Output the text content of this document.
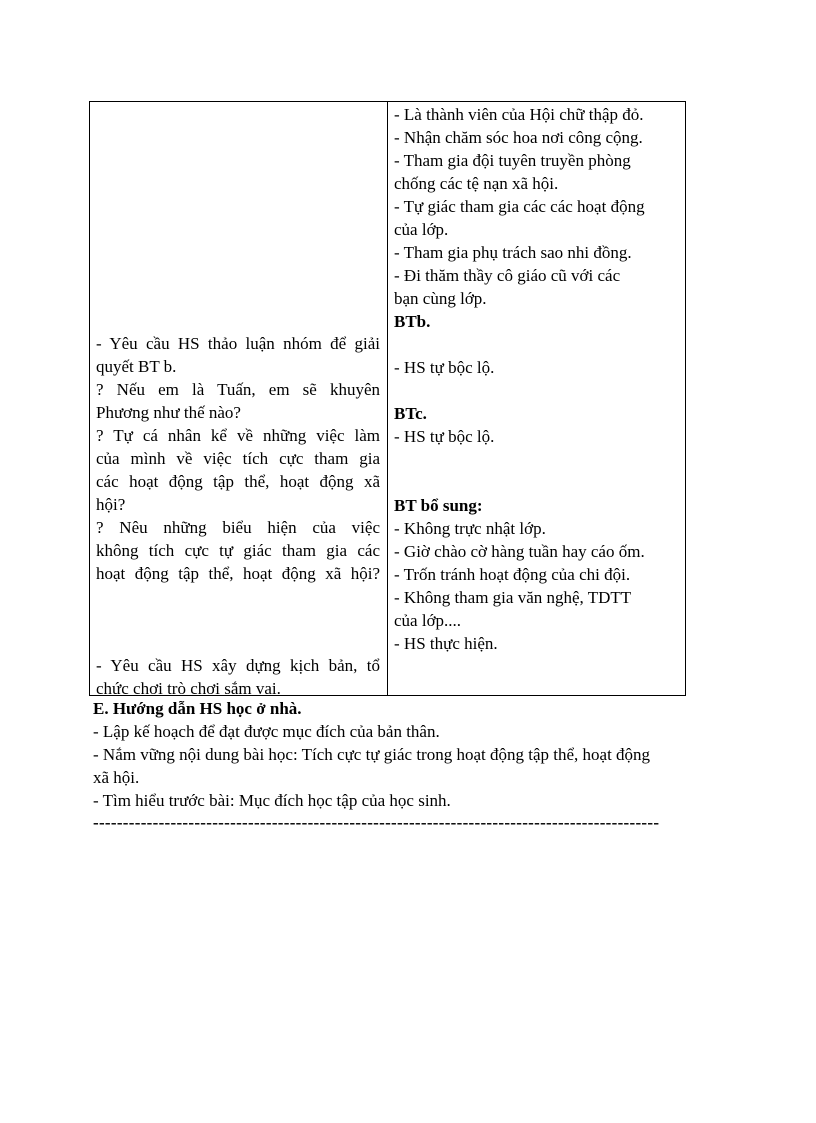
- Yêu cầu HS thảo luận nhóm để giải
quyết BT b.
? Nếu em là Tuấn, em sẽ khuyên
Phương như thế nào?
? Tự cá nhân kể về những việc làm
của mình về việc tích cực tham gia
các hoạt động tập thể, hoạt động xã
hội?
? Nêu những biểu hiện của việc
không tích cực tự giác tham gia các
hoạt động tập thể, hoạt động xã hội?
- Yêu cầu HS xây dựng kịch bản, tổ
chức chơi trò chơi sắm vai.
- Là thành viên của Hội chữ thập đỏ.
- Nhận chăm sóc hoa nơi công cộng.
- Tham gia đội tuyên truyền phòng
chống các tệ nạn xã hội.
- Tự giác tham gia các các hoạt động
của lớp.
- Tham gia phụ trách sao nhi đồng.
- Đi thăm thầy cô giáo cũ với các
bạn cùng lớp.
BTb.
- HS tự bộc lộ.
BTc.
- HS tự bộc lộ.
BT bổ sung:
- Không trực nhật lớp.
- Giờ chào cờ hàng tuần hay cáo ốm.
- Trốn tránh hoạt động của chi đội.
- Không tham gia văn nghệ, TDTT
của lớp....
- HS thực hiện.
E. Hướng dẫn HS học ở nhà.
- Lập kế hoạch để đạt được mục đích của bản thân.
- Nắm vững nội dung bài học: Tích cực tự giác trong hoạt động tập thể, hoạt động
xã hội.
- Tìm hiểu trước bài: Mục đích học tập của học sinh.
-----------------------------------------------------------------------------------------------
